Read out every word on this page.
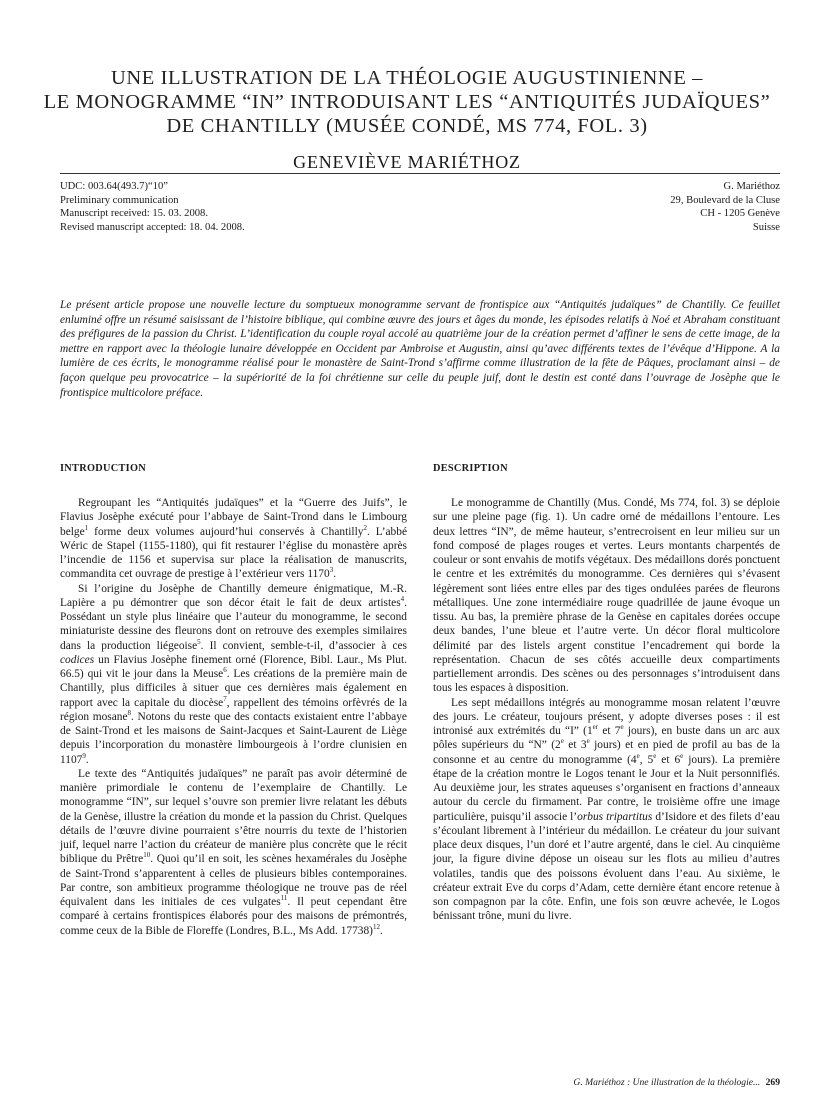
UNE ILLUSTRATION DE LA THÉOLOGIE AUGUSTINIENNE –
LE MONOGRAMME “IN” INTRODUISANT LES “ANTIQUITÉS JUDAÏQUES”
DE CHANTILLY (MUSÉE CONDÉ, MS 774, FOL. 3)
GENEVIÈVE MARIÉTHOZ
UDC: 003.64(493.7)“10”
Preliminary communication
Manuscript received: 15. 03. 2008.
Revised manuscript accepted: 18. 04. 2008.
G. Mariéthoz
29, Boulevard de la Cluse
CH - 1205 Genève
Suisse
Le présent article propose une nouvelle lecture du somptueux monogramme servant de frontispice aux “Antiquités judaïques” de Chantilly. Ce feuillet enluminé offre un résumé saisissant de l’histoire biblique, qui combine œuvre des jours et âges du monde, les épisodes relatifs à Noé et Abraham constituant des préfigures de la passion du Christ. L’identification du couple royal accolé au quatrième jour de la création permet d’affiner le sens de cette image, de la mettre en rapport avec la théologie lunaire développée en Occident par Ambroise et Augustin, ainsi qu’avec différents textes de l’évêque d’Hippone. A la lumière de ces écrits, le monogramme réalisé pour le monastère de Saint-Trond s’affirme comme illustration de la fête de Pâques, proclamant ainsi – de façon quelque peu provocatrice – la supériorité de la foi chrétienne sur celle du peuple juif, dont le destin est conté dans l’ouvrage de Josèphe que le frontispice multicolore préface.
INTRODUCTION

Regroupant les “Antiquités judaïques” et la “Guerre des Juifs”, le Flavius Josèphe exécuté pour l’abbaye de Saint-Trond dans le Limbourg belge$^1$ forme deux volumes aujourd’hui conservés à Chantilly$^2$. L’abbé Wéric de Stapel (1155-1180), qui fit restaurer l’église du monastère après l’incendie de 1156 et supervisa sur place la réalisation de manuscrits, commandita cet ouvrage de prestige à l’extérieur vers 1170$^3$.

Si l’origine du Josèphe de Chantilly demeure énigmatique, M.-R. Lapière a pu démontrer que son décor était le fait de deux artistes$^4$. Possédant un style plus linéaire que l’auteur du monogramme, le second miniaturiste dessine des fleurons dont on retrouve des exemples similaires dans la production liégeoise$^5$. Il convient, semble-t-il, d’associer à ces codices un Flavius Josèphe finement orné (Florence, Bibl. Laur., Ms Plut. 66.5) qui vit le jour dans la Meuse$^6$. Les créations de la première main de Chantilly, plus difficiles à situer que ces dernières mais également en rapport avec la capitale du diocèse$^7$, rappellent des témoins orfèvrés de la région mosane$^8$. Notons du reste que des contacts existaient entre l’abbaye de Saint-Trond et les maisons de Saint-Jacques et Saint-Laurent de Liège depuis l’incorporation du monastère limbourgeois à l’ordre clunisien en 1107$^9$.

Le texte des “Antiquités judaïques” ne paraît pas avoir déterminé de manière primordiale le contenu de l’exemplaire de Chantilly. Le monogramme “IN”, sur lequel s’ouvre son premier livre relatant les débuts de la Genèse, illustre la création du monde et la passion du Christ. Quelques détails de l’œuvre divine pourraient s’être nourris du texte de l’historien juif, lequel narre l’action du créateur de manière plus concrète que le récit biblique du Prêtre$^{10}$. Quoi qu’il en soit, les scènes hexamérales du Josèphe de Saint-Trond s’apparentent à celles de plusieurs bibles contemporaines. Par contre, son ambitieux programme théologique ne trouve pas de réel équivalent dans les initiales de ces vulgates$^{11}$. Il peut cependant être comparé à certains frontispices élaborés pour des maisons de prémontrés, comme ceux de la Bible de Floreffe (Londres, B.L., Ms Add. 17738)$^{12}$.

DESCRIPTION

Le monogramme de Chantilly (Mus. Condé, Ms 774, fol. 3) se déploie sur une pleine page (fig. 1). Un cadre orné de médaillons l’entoure. Les deux lettres “IN”, de même hauteur, s’entrecroisent en leur milieu sur un fond composé de plages rouges et vertes. Leurs montants charpentés de couleur or sont envahis de motifs végétaux. Des médaillons dorés ponctuent le centre et les extrémités du monogramme. Ces dernières qui s’évasent légèrement sont liées entre elles par des tiges ondulées parées de fleurons métalliques. Une zone intermédiaire rouge quadrillée de jaune évoque un tissu. Au bas, la première phrase de la Genèse en capitales dorées occupe deux bandes, l’une bleue et l’autre verte. Un décor floral multicolore délimité par des listels argent constitue l’encadrement qui borde la représentation. Chacun de ses côtés accueille deux compartiments partiellement arrondis. Des scènes ou des personnages s’introduisent dans tous les espaces à disposition.

Les sept médaillons intégrés au monogramme mosan relatent l’œuvre des jours. Le créateur, toujours présent, y adopte diverses poses : il est intronisé aux extrémités du “I” (1er et 7e jours), en buste dans un arc aux pôles supérieurs du “N” (2e et 3e jours) et en pied de profil au bas de la consonne et au centre du monogramme (4e, 5e et 6e jours). La première étape de la création montre le Logos tenant le Jour et la Nuit personnifiés. Au deuxième jour, les strates aqueuses s’organisent en fractions d’anneaux autour du cercle du firmament. Par contre, le troisième offre une image particulière, puisqu’il associe l’orbus tripartitus d’Isidore et des filets d’eau s’écoulant librement à l’intérieur du médaillon. Le créateur du jour suivant place deux disques, l’un doré et l’autre argenté, dans le ciel. Au cinquième jour, la figure divine dépose un oiseau sur les flots au milieu d’autres volatiles, tandis que des poissons évoluent dans l’eau. Au sixième, le créateur extrait Eve du corps d’Adam, cette dernière étant encore retenue à son compagnon par la côte. Enfin, une fois son œuvre achevée, le Logos bénissant trône, muni du livre.

G. Mariéthoz : Une illustration de la théologie... 269
